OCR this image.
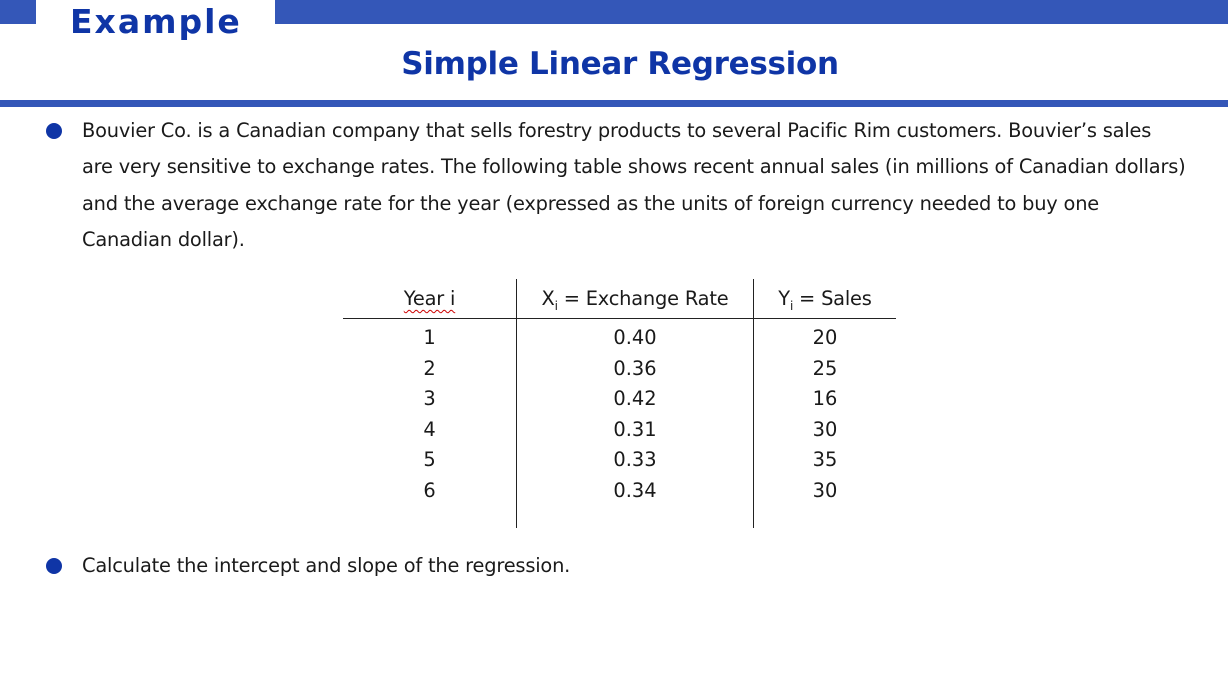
Example
Simple Linear Regression
Bouvier Co. is a Canadian company that sells forestry products to several Pacific Rim customers. Bouvier’s sales are very sensitive to exchange rates. The following table shows recent annual sales (in millions of Canadian dollars) and the average exchange rate for the year (expressed as the units of foreign currency needed to buy one Canadian dollar).
Year i	$X_i$ = Exchange Rate	$Y_i$ = Sales
1
2
3
4
5
6
0.40
0.36
0.42
0.31
0.33
0.34
20
25
16
30
35
30
Calculate the intercept and slope of the regression.
